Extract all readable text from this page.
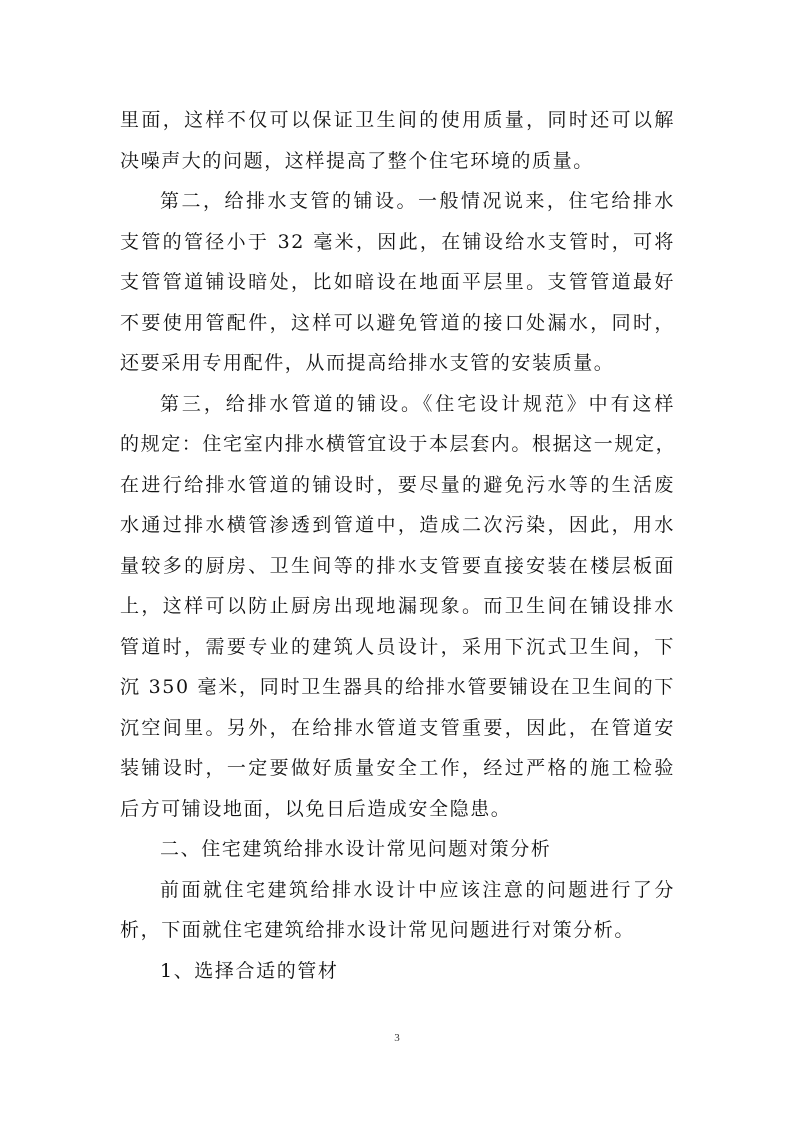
里面，这样不仅可以保证卫生间的使用质量，同时还可以解
决噪声大的问题，这样提高了整个住宅环境的质量。
第二，给排水支管的铺设。一般情况说来，住宅给排水
支管的管径小于 32 毫米，因此，在铺设给水支管时，可将
支管管道铺设暗处，比如暗设在地面平层里。支管管道最好
不要使用管配件，这样可以避免管道的接口处漏水，同时，
还要采用专用配件，从而提高给排水支管的安装质量。
第三，给排水管道的铺设。《住宅设计规范》中有这样
的规定：住宅室内排水横管宜设于本层套内。根据这一规定，
在进行给排水管道的铺设时，要尽量的避免污水等的生活废
水通过排水横管渗透到管道中，造成二次污染，因此，用水
量较多的厨房、卫生间等的排水支管要直接安装在楼层板面
上，这样可以防止厨房出现地漏现象。而卫生间在铺设排水
管道时，需要专业的建筑人员设计，采用下沉式卫生间，下
沉 350 毫米，同时卫生器具的给排水管要铺设在卫生间的下
沉空间里。另外，在给排水管道支管重要，因此，在管道安
装铺设时，一定要做好质量安全工作，经过严格的施工检验
后方可铺设地面，以免日后造成安全隐患。
二、住宅建筑给排水设计常见问题对策分析
前面就住宅建筑给排水设计中应该注意的问题进行了分
析，下面就住宅建筑给排水设计常见问题进行对策分析。
1、选择合适的管材
3
